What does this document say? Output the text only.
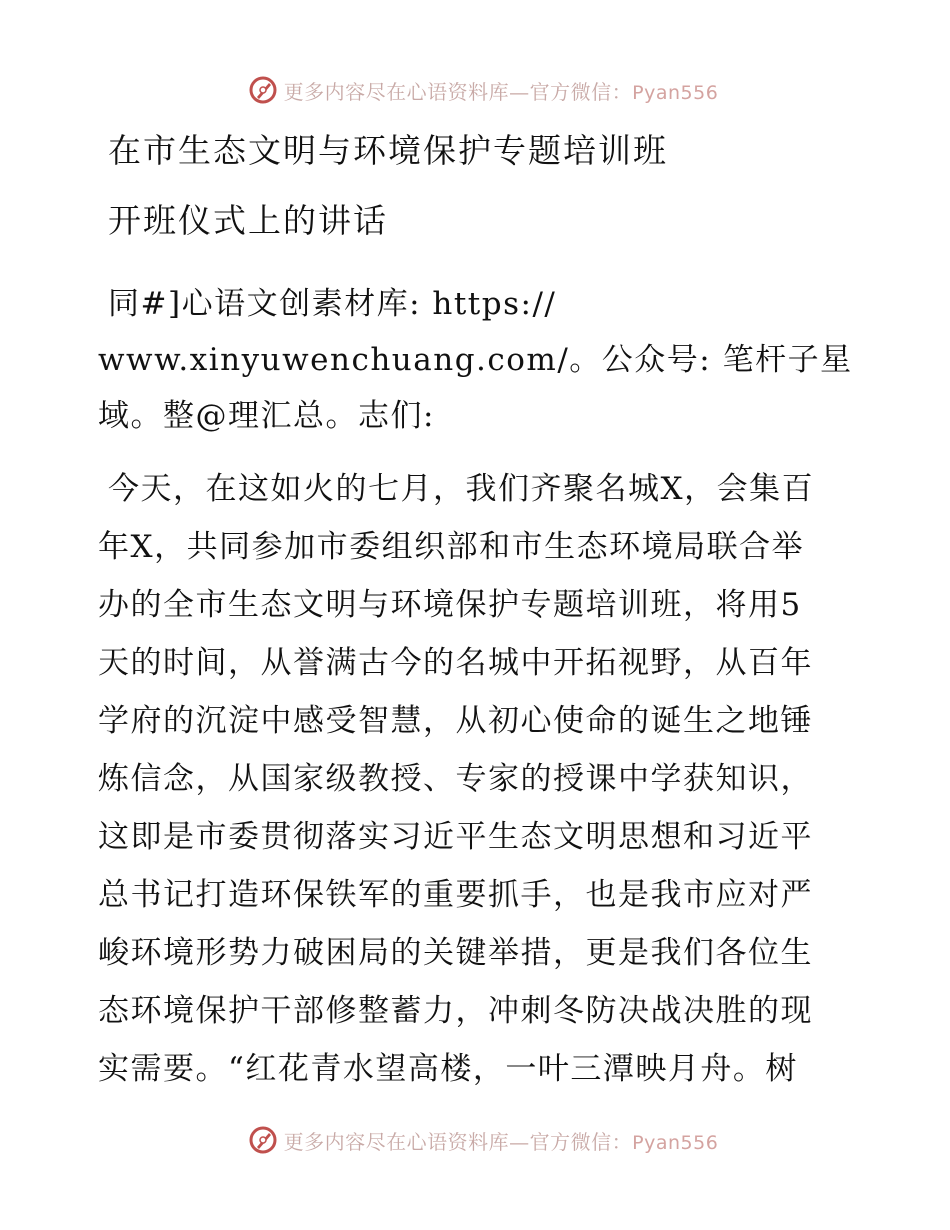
更多内容尽在心语资料库—官方微信：Pyan556
在市生态文明与环境保护专题培训班
开班仪式上的讲话
同#]心语文创素材库: https://
www.xinyuwenchuang.com/。公众号: 笔杆子星
域。整@理汇总。志们:
今天，在这如火的七月，我们齐聚名城X，会集百
年X，共同参加市委组织部和市生态环境局联合举
办的全市生态文明与环境保护专题培训班，将用5
天的时间，从誉满古今的名城中开拓视野，从百年
学府的沉淀中感受智慧，从初心使命的诞生之地锤
炼信念，从国家级教授、专家的授课中学获知识，
这即是市委贯彻落实习近平生态文明思想和习近平
总书记打造环保铁军的重要抓手，也是我市应对严
峻环境形势力破困局的关键举措，更是我们各位生
态环境保护干部修整蓄力，冲刺冬防决战决胜的现
实需要。“红花青水望高楼，一叶三潭映月舟。树
更多内容尽在心语资料库—官方微信：Pyan556
